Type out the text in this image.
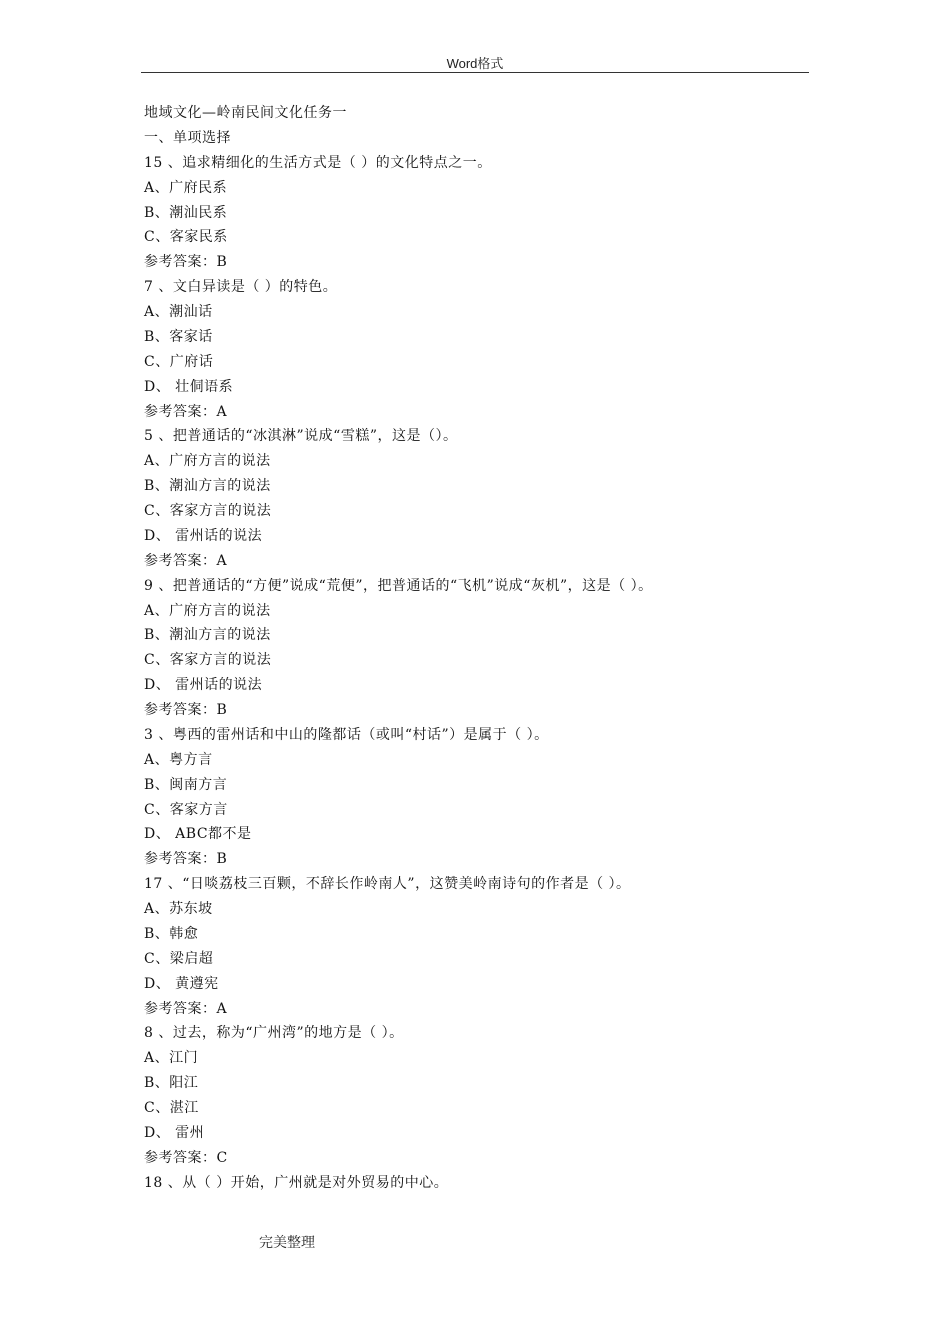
Word格式
地域文化—岭南民间文化任务一
一、单项选择
15 、追求精细化的生活方式是（ ）的文化特点之一。
A、广府民系
B、潮汕民系
C、客家民系
参考答案：B
7 、文白异读是（ ）的特色。
A、潮汕话
B、客家话
C、广府话
D、 壮侗语系
参考答案：A
5 、把普通话的“冰淇淋”说成“雪糕”，这是（）。
A、广府方言的说法
B、潮汕方言的说法
C、客家方言的说法
D、 雷州话的说法
参考答案：A
9 、把普通话的“方便”说成“荒便”，把普通话的“飞机”说成“灰机”，这是（ ）。
A、广府方言的说法
B、潮汕方言的说法
C、客家方言的说法
D、 雷州话的说法
参考答案：B
3 、粤西的雷州话和中山的隆都话（或叫“村话”）是属于（ ）。
A、粤方言
B、闽南方言
C、客家方言
D、 ABC都不是
参考答案：B
17 、“日啖荔枝三百颗，不辞长作岭南人”，这赞美岭南诗句的作者是（ ）。
A、苏东坡
B、韩愈
C、梁启超
D、 黄遵宪
参考答案：A
8 、过去，称为“广州湾”的地方是（ ）。
A、江门
B、阳江
C、湛江
D、 雷州
参考答案：C
18 、从（ ）开始，广州就是对外贸易的中心。
完美整理
